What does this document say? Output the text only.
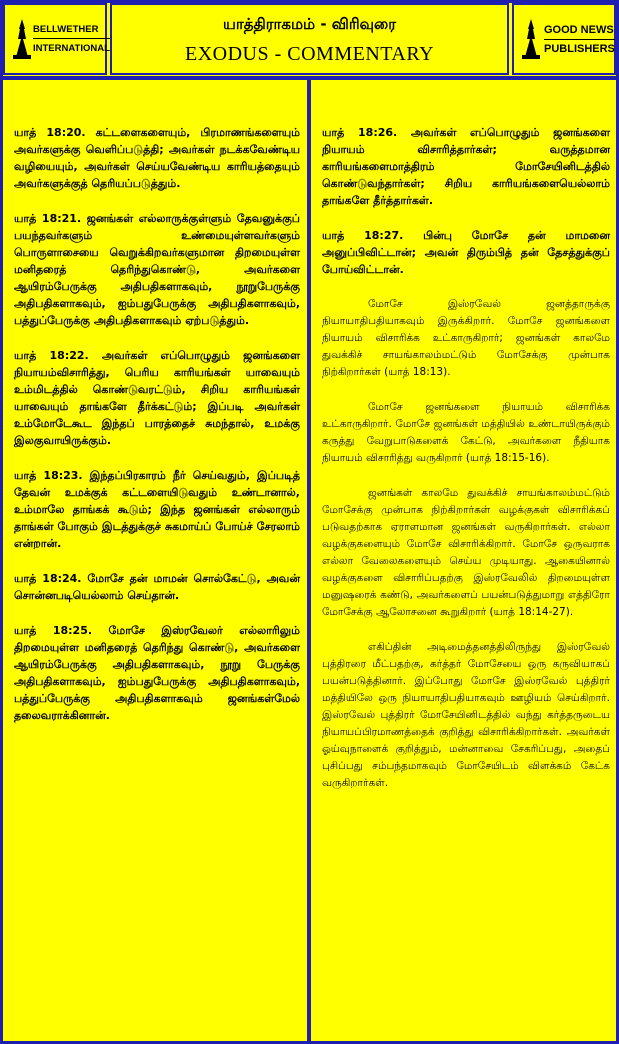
BELLWETHER
INTERNATIONAL
யாத்திராகமம் - விரிவுரை
EXODUS - COMMENTARY
GOOD NEWS
PUBLISHERS

யாத் 18:20. கட்டளைகளையும், பிரமாணங்களையும் அவர்களுக்கு வெளிப்படுத்தி; அவர்கள் நடக்கவேண்டிய வழியையும், அவர்கள் செய்யவேண்டிய காரியத்தையும் அவர்களுக்குத் தெரியப்படுத்தும்.

யாத் 18:21. ஜனங்கள் எல்லாருக்குள்ளும் தேவனுக்குப் பயந்தவர்களும் உண்மையுள்ளவர்களும் பொருளாசையை வெறுக்கிறவர்களுமான திறமையுள்ள மனிதரைத் தெரிந்துகொண்டு, அவர்களை ஆயிரம்பேருக்கு அதிபதிகளாகவும், நூறுபேருக்கு அதிபதிகளாகவும், ஐம்பதுபேருக்கு அதிபதிகளாகவும், பத்துப்பேருக்கு அதிபதிகளாகவும் ஏற்படுத்தும்.

யாத் 18:22. அவர்கள் எப்பொழுதும் ஜனங்களை நியாயம்விசாரித்து, பெரிய காரியங்கள் யாவையும் உம்மிடத்தில் கொண்டுவரட்டும், சிறிய காரியங்கள் யாவையும் தாங்களே தீர்க்கட்டும்; இப்படி அவர்கள் உம்மோடேகூட இந்தப் பாரத்தைச் சுமந்தால், உமக்கு இலகுவாயிருக்கும்.

யாத் 18:23. இந்தப்பிரகாரம் நீர் செய்வதும், இப்படித் தேவன் உமக்குக் கட்டளையிடுவதும் உண்டானால், உம்மாலே தாங்கக் கூடும்; இந்த ஜனங்கள் எல்லாரும் தாங்கள் போகும் இடத்துக்குச் சுகமாய்ப் போய்ச் சேரலாம் என்றான்.

யாத் 18:24. மோசே தன் மாமன் சொல்கேட்டு, அவன் சொன்னபடியெல்லாம் செய்தான்.

யாத் 18:25. மோசே இஸ்ரவேலர் எல்லாரிலும் திறமையுள்ள மனிதரைத் தெரிந்து கொண்டு, அவர்களை ஆயிரம்பேருக்கு அதிபதிகளாகவும், நூறு பேருக்கு அதிபதிகளாகவும், ஐம்பதுபேருக்கு அதிபதிகளாகவும், பத்துப்பேருக்கு அதிபதிகளாகவும் ஜனங்கள்மேல் தலைவராக்கினான்.

யாத் 18:26. அவர்கள் எப்பொழுதும் ஜனங்களை நியாயம் விசாரித்தார்கள்; வருத்தமான காரியங்களைமாத்திரம் மோசேயினிடத்தில் கொண்டுவந்தார்கள்; சிறிய காரியங்களையெல்லாம் தாங்களே தீர்த்தார்கள்.

யாத் 18:27. பின்பு மோசே தன் மாமனை அனுப்பிவிட்டான்; அவன் திரும்பித் தன் தேசத்துக்குப் போய்விட்டான்.

மோசே இஸ்ரவேல் ஜனத்தாருக்கு நியாயாதிபதியாகவும் இருக்கிறார். மோசே ஜனங்களை நியாயம் விசாரிக்க உட்காருகிறார்; ஜனங்கள் காலமே துவக்கிச் சாயங்காலம்மட்டும் மோசேக்கு முன்பாக நிற்கிறார்கள் (யாத் 18:13).

மோசே ஜனங்களை நியாயம் விசாரிக்க உட்காருகிறார். மோசே ஜனங்கள் மத்தியில் உண்டாயிருக்கும் கருத்து வேறுபாடுகளைக் கேட்டு, அவர்களை நீதியாக நியாயம் விசாரித்து வருகிறார் (யாத் 18:15-16).

ஜனங்கள் காலமே துவக்கிச் சாயங்காலம்மட்டும் மோசேக்கு முன்பாக நிற்கிறார்கள் வழக்குகள் விசாரிக்கப் படுவதற்காக ஏராளமான ஜனங்கள் வருகிறார்கள். எல்லா வழக்குகளையும் மோசே விசாரிக்கிறார். மோசே ஒருவராக எல்லா வேலைகளையும் செய்ய முடியாது. ஆகையினால் வழக்குகளை விசாரிப்பதற்கு இஸ்ரவேலில் திறமையுள்ள மனுஷரைக் கண்டு, அவர்களைப் பயன்படுத்துமாறு எத்திரோ மோசேக்கு ஆலோசனை கூறுகிறார் (யாத் 18:14-27).

எகிப்தின் அடிமைத்தனத்திலிருந்து இஸ்ரவேல் புத்திரரை மீட்பதற்கு, கர்த்தர் மோசேயை ஒரு கருவியாகப் பயன்படுத்தினார். இப்போது மோசே இஸ்ரவேல் புத்திரர் மத்தியிலே ஒரு நியாயாதிபதியாகவும் ஊழியம் செய்கிறார். இஸ்ரவேல் புத்திரர் மோசேயினிடத்தில் வந்து கர்த்தருடைய நியாயப்பிரமாணத்தைக் குறித்து விசாரிக்கிறார்கள். அவர்கள் ஓய்வுநாளைக் குறித்தும், மன்னாவை சேகரிப்பது, அதைப் புசிப்பது சம்பந்தமாகவும் மோசேயிடம் விளக்கம் கேட்க வருகிறார்கள்.
